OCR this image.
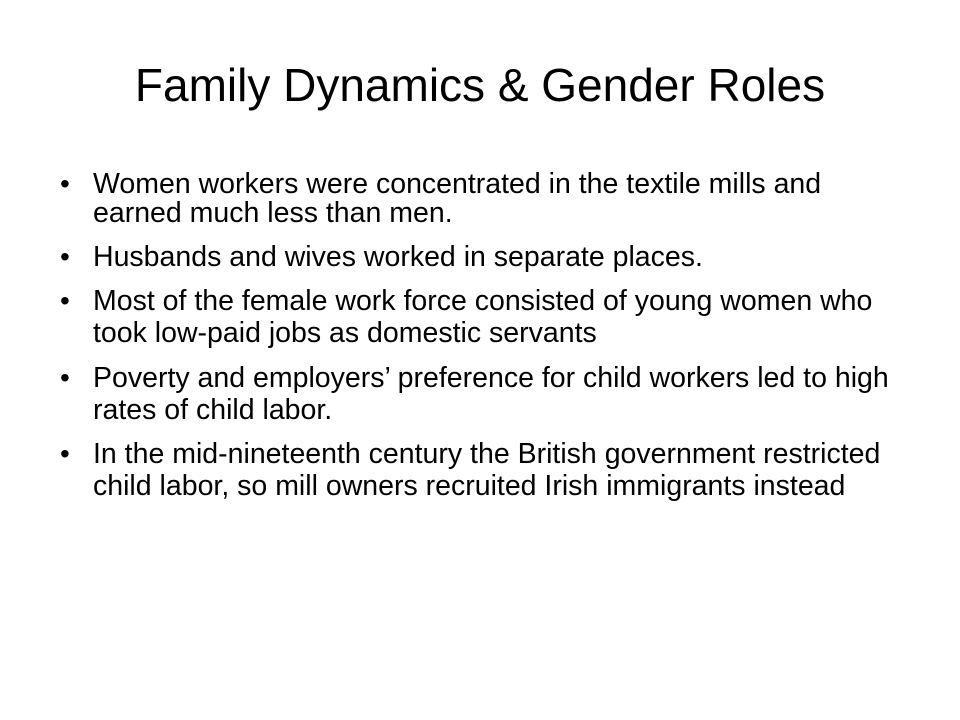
Family Dynamics & Gender Roles
• Women workers were concentrated in the textile mills and earned much less than men.
• Husbands and wives worked in separate places.
• Most of the female work force consisted of young women who took low-paid jobs as domestic servants
• Poverty and employers’ preference for child workers led to high rates of child labor.
• In the mid-nineteenth century the British government restricted child labor, so mill owners recruited Irish immigrants instead
